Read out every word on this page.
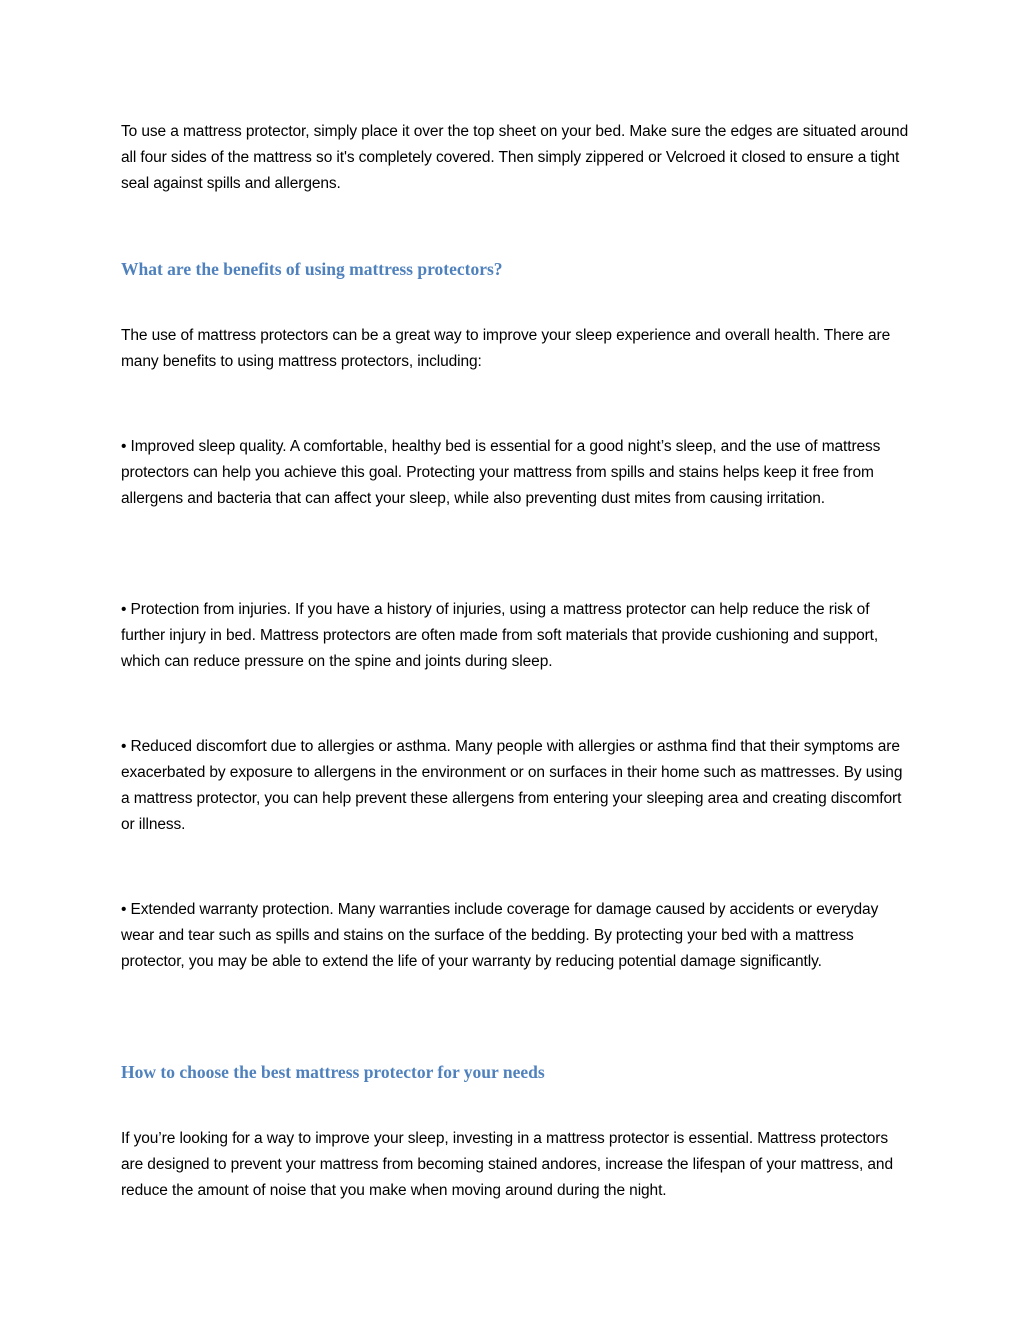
To use a mattress protector, simply place it over the top sheet on your bed. Make sure the edges are situated around all four sides of the mattress so it's completely covered. Then simply zippered or Velcroed it closed to ensure a tight seal against spills and allergens.

What are the benefits of using mattress protectors?

The use of mattress protectors can be a great way to improve your sleep experience and overall health. There are many benefits to using mattress protectors, including:

• Improved sleep quality. A comfortable, healthy bed is essential for a good night’s sleep, and the use of mattress protectors can help you achieve this goal. Protecting your mattress from spills and stains helps keep it free from allergens and bacteria that can affect your sleep, while also preventing dust mites from causing irritation.

• Protection from injuries. If you have a history of injuries, using a mattress protector can help reduce the risk of further injury in bed. Mattress protectors are often made from soft materials that provide cushioning and support, which can reduce pressure on the spine and joints during sleep.

• Reduced discomfort due to allergies or asthma. Many people with allergies or asthma find that their symptoms are exacerbated by exposure to allergens in the environment or on surfaces in their home such as mattresses. By using a mattress protector, you can help prevent these allergens from entering your sleeping area and creating discomfort or illness.

• Extended warranty protection. Many warranties include coverage for damage caused by accidents or everyday wear and tear such as spills and stains on the surface of the bedding. By protecting your bed with a mattress protector, you may be able to extend the life of your warranty by reducing potential damage significantly.

How to choose the best mattress protector for your needs

If you’re looking for a way to improve your sleep, investing in a mattress protector is essential. Mattress protectors are designed to prevent your mattress from becoming stained andores, increase the lifespan of your mattress, and reduce the amount of noise that you make when moving around during the night.
